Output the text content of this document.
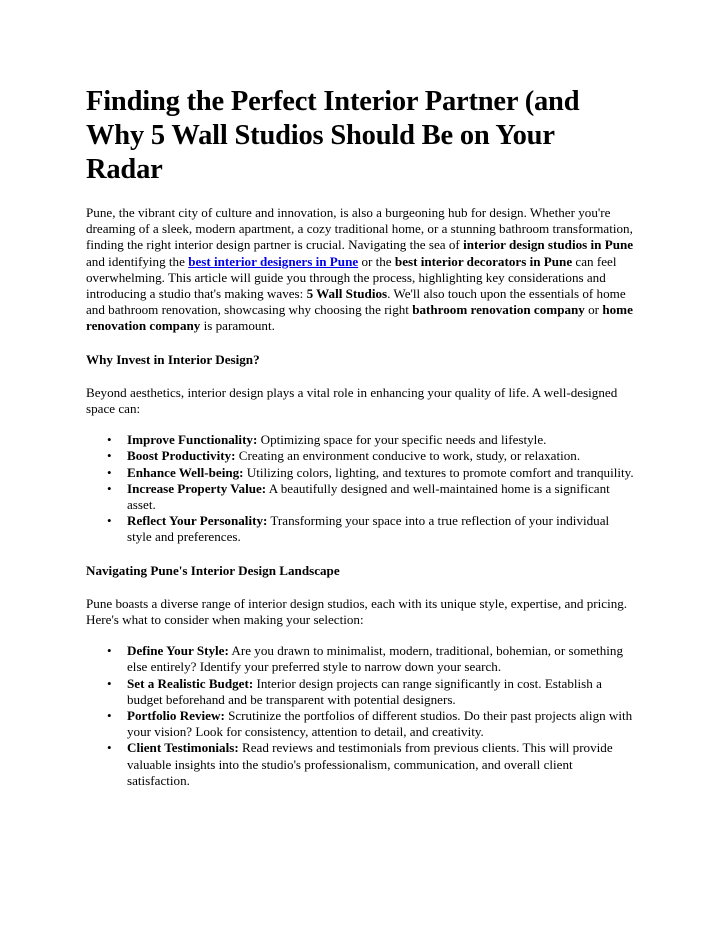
Finding the Perfect Interior Partner (and Why 5 Wall Studios Should Be on Your Radar

Pune, the vibrant city of culture and innovation, is also a burgeoning hub for design. Whether you're dreaming of a sleek, modern apartment, a cozy traditional home, or a stunning bathroom transformation, finding the right interior design partner is crucial. Navigating the sea of interior design studios in Pune and identifying the best interior designers in Pune or the best interior decorators in Pune can feel overwhelming. This article will guide you through the process, highlighting key considerations and introducing a studio that's making waves: 5 Wall Studios. We'll also touch upon the essentials of home and bathroom renovation, showcasing why choosing the right bathroom renovation company or home renovation company is paramount.

Why Invest in Interior Design?

Beyond aesthetics, interior design plays a vital role in enhancing your quality of life. A well-designed space can:

• Improve Functionality: Optimizing space for your specific needs and lifestyle.
• Boost Productivity: Creating an environment conducive to work, study, or relaxation.
• Enhance Well-being: Utilizing colors, lighting, and textures to promote comfort and tranquility.
• Increase Property Value: A beautifully designed and well-maintained home is a significant asset.
• Reflect Your Personality: Transforming your space into a true reflection of your individual style and preferences.

Navigating Pune's Interior Design Landscape

Pune boasts a diverse range of interior design studios, each with its unique style, expertise, and pricing. Here's what to consider when making your selection:

• Define Your Style: Are you drawn to minimalist, modern, traditional, bohemian, or something else entirely? Identify your preferred style to narrow down your search.
• Set a Realistic Budget: Interior design projects can range significantly in cost. Establish a budget beforehand and be transparent with potential designers.
• Portfolio Review: Scrutinize the portfolios of different studios. Do their past projects align with your vision? Look for consistency, attention to detail, and creativity.
• Client Testimonials: Read reviews and testimonials from previous clients. This will provide valuable insights into the studio's professionalism, communication, and overall client satisfaction.
